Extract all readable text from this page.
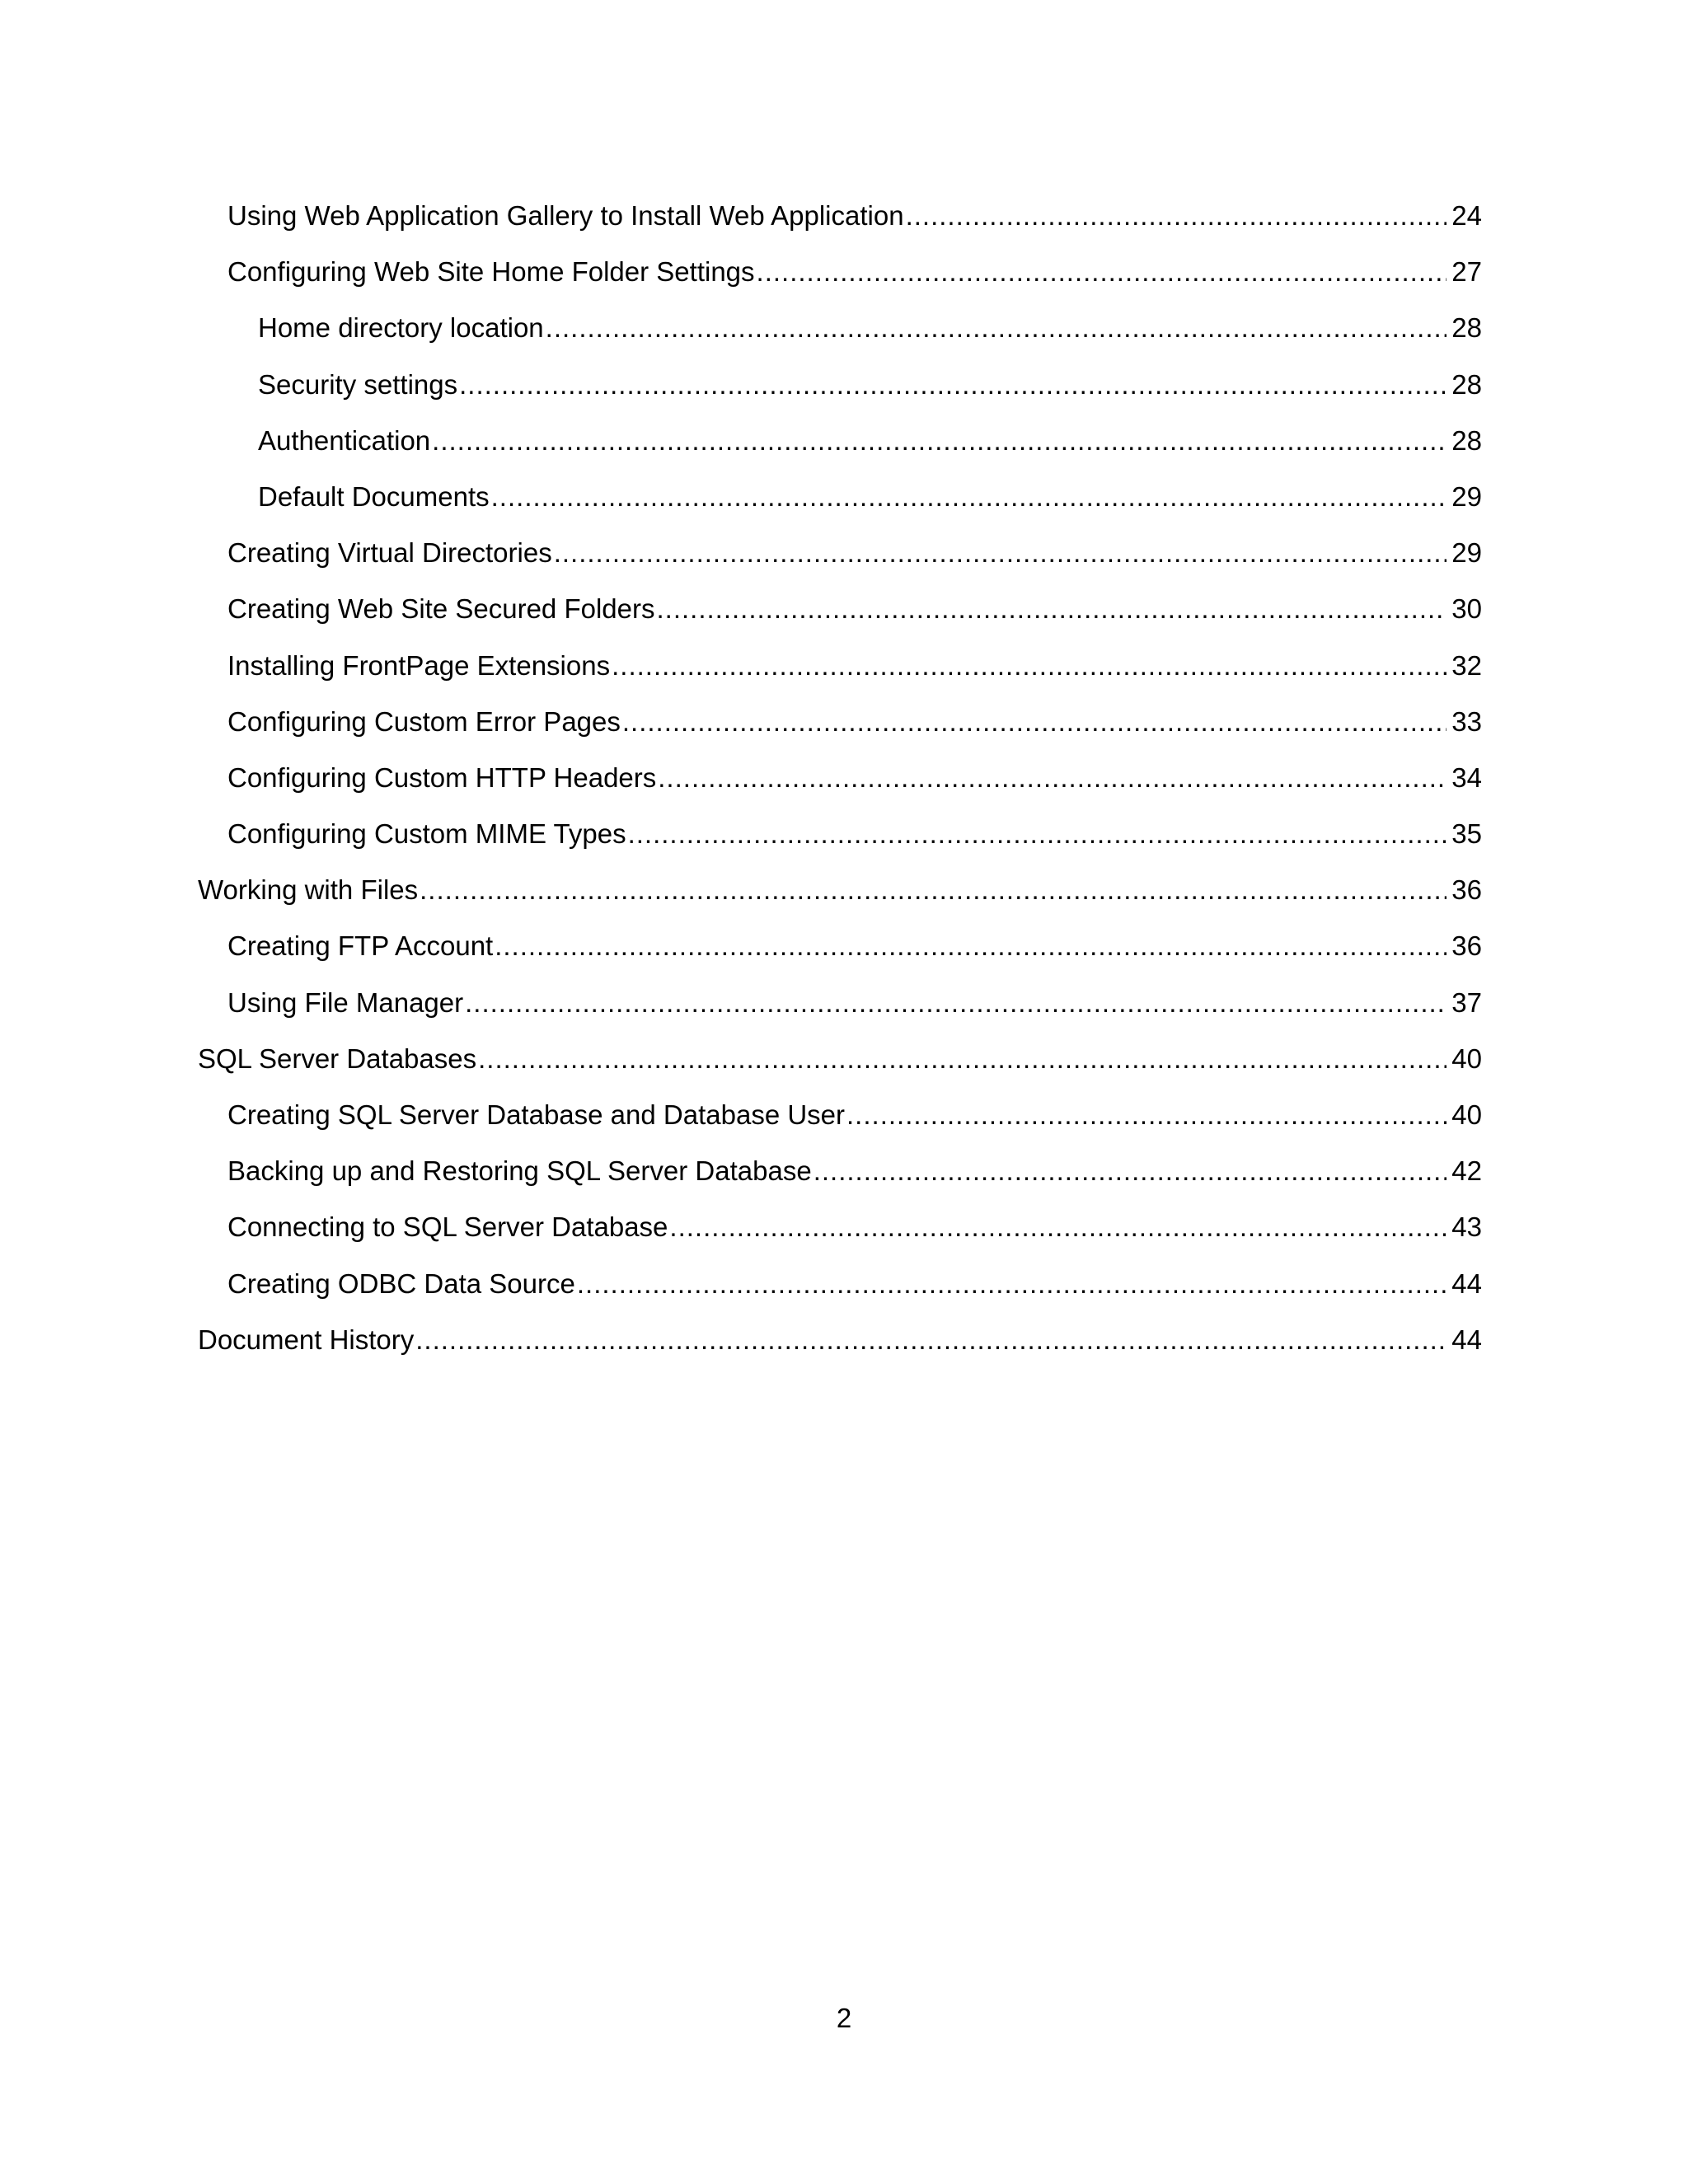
Using Web Application Gallery to Install Web Application .....	24
Configuring Web Site Home Folder Settings .....	27
Home directory location .....	28
Security settings .....	28
Authentication .....	28
Default Documents .....	29
Creating Virtual Directories .....	29
Creating Web Site Secured Folders .....	30
Installing FrontPage Extensions .....	32
Configuring Custom Error Pages .....	33
Configuring Custom HTTP Headers .....	34
Configuring Custom MIME Types .....	35
Working with Files .....	36
Creating FTP Account .....	36
Using File Manager .....	37
SQL Server Databases .....	40
Creating SQL Server Database and Database User .....	40
Backing up and Restoring SQL Server Database .....	42
Connecting to SQL Server Database .....	43
Creating ODBC Data Source .....	44
Document History .....	44
2
